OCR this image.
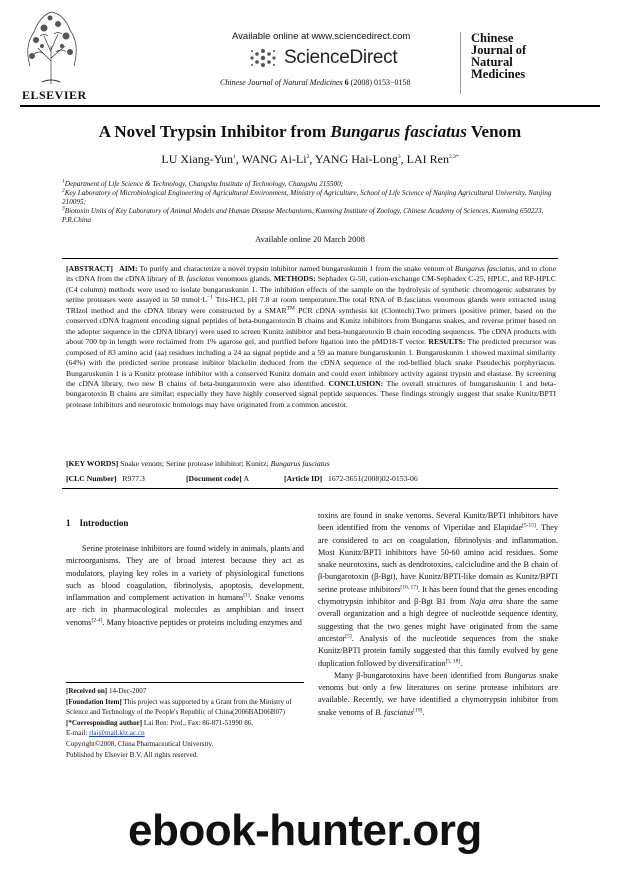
ELSEVIER
Available online at www.sciencedirect.com
ScienceDirect
Chinese Journal of Natural Medicines 6 (2008) 0153−0158
Chinese
Journal of
Natural
Medicines
A Novel Trypsin Inhibitor from Bungarus fasciatus Venom
LU Xiang-Yun$^1$, WANG Ai-Li$^2$, YANG Hai-Long$^3$, LAI Ren$^{2,3*}$
$^1$Department of Life Science & Technology, Changshu Institute of Technology, Changshu 215500;
$^2$Key Laboratory of Microbiological Engineering of Agricultural Environment, Ministry of Agriculture, School of Life Science of Nanjing Agricultural University, Nanjing 210095;
$^3$Biotoxin Units of Key Laboratory of Animal Models and Human Disease Mechanisms, Kunming Institute of Zoology, Chinese Academy of Sciences, Kunming 650223, P.R.China
Available online 20 March 2008
[ABSTRACT] AIM: To purify and characterize a novel trypsin inhibitor named bungaruskunin 1 from the snake venom of Bungarus fasciatus, and to clone its cDNA from the cDNA library of B. fasciatus venomous glands. METHODS: Sephadex G-50, cation-exchange CM-Sephadex C-25, HPLC, and RP-HPLC (C4 column) methods were used to isolate bungaruskunin 1. The inhibition effects of the sample on the hydrolysis of synthetic chromogenic substrates by serine proteases were assayed in 50 $mmol\cdot L^{-1}$ Tris-HCl, pH 7.8 at room temperature.The total RNA of B.fasciatus venomous glands were extracted using TRIzol method and the cDNA library were constructed by a SMAR™ PCR cDNA synthesis kit (Clontech).Two primers (positive primer, based on the conserved cDNA fragment encoding signal peptides of beta-bungarotoxin B chains and Kunitz inhibitors from Bungarus snakes, and reverse primer based on the adopter sequence in the cDNA library) were used to screen Kunitz inhibitor and beta-bungarotoxin B chain encoding sequences. The cDNA products with about 700 bp in length were reclaimed from 1% agarose gel, and purified before ligation into the pMD18-T vector. RESULTS: The predicted precursor was composed of 83 amino acid (aa) residues including a 24 aa signal peptide and a 59 aa mature bungaruskunin 1. Bungaruskunin 1 showed maximal similarity (64%) with the predicted serine protease inibitor blackelin deduced from the cDNA sequence of the red-bellied black snake Pseudechis porphyriacus. Bungaruskunin 1 is a Kunitz protease inhibitor with a conserved Kunitz domain and could exert inhibitory activity against trypsin and elastase. By screening the cDNA library, two new B chains of beta-bungarotoxin were also identified. CONCLUSION: The overall structures of bungaruskunin 1 and beta-bungarotoxin B chains are similar; especially they have highly conserved signal peptide sequences. These findings strongly suggest that snake Kunitz/BPTI protease inhibitors and neurotoxic homologs may have originated from a common ancestor.
[KEY WORDS] Snake venom; Serine protease inhibitor; Kunitz; Bungarus fasciatus
[CLC Number] R977.3	[Document code] A	[Article ID] 1672-3651(2008)02-0153-06
1    Introduction

Serine proteinase inhibitors are found widely in animals, plants and microorganisms. They are of broad interest because they act as modulators, playing key roles in a variety of physiological functions such as blood coagulation, fibrinolysis, apoptosis, development, inflammation and complement activation in humans[1]. Snake venoms are rich in pharmacological molecules as amphibian and insect venoms[2-4]. Many bioactive peptides or proteins including enzymes and

[Received on] 14-Dec-2007
[Foundation Item] This project was supported by a Grant from the Ministry of Science and Technology of the People's Republic of China(2006BAD06B07)
[*Corresponding author] Lai Ren: Prof., Fax: 86-871-51990 86,
E-mail: rlai@mail.kiz.ac.cn
Copyright©2008, China Pharmaceutical University.
Published by Elsevier B.V. All rights reserved.

toxins are found in snake venoms. Several Kunitz/BPTI inhibitors have been identified from the venoms of Viperidae and Elapidae[5-15]. They are considered to act on coagulation, fibrinolysis and inflammation. Most Kunitz/BPTI inhibitors have 50-60 amino acid residues. Some snake neurotoxins, such as dendrotoxins, calcicludine and the B chain of β-bungarotoxin (β-Bgt), have Kunitz/BPTI-like domain as Kunitz/BPTI serine protease inhibitors[16, 17]. It has been found that the genes encoding chymotrypsin inhibitor and β-Bgt B1 from Naja atra share the same overall organization and a high degree of nucleotide sequence identity, suggesting that the two genes might have originated from the same ancestor[5]. Analysis of the nucleotide sequences from the snake Kunitz/BPTI protein family suggested that this family evolved by gene duplication followed by diversification[5, 18].

Many β-bungarotoxins have been identified from Bungarus snake venoms but only a few literatures on serine protease inhibitors are available. Recently, we have identified a chymotrypsin inhibitor from snake venoms of B. fasciatus[19].

ebook-hunter.org
